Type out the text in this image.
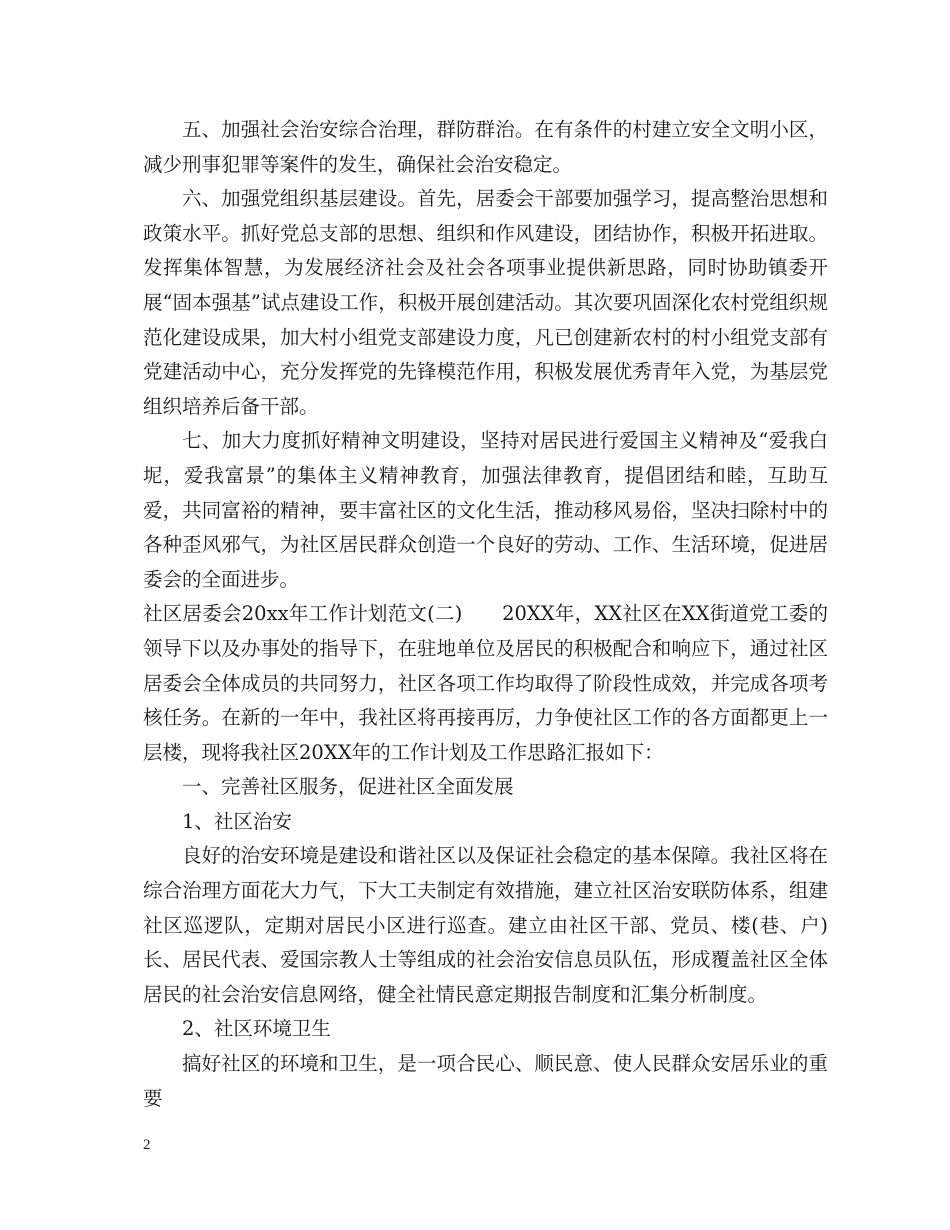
五、加强社会治安综合治理，群防群治。在有条件的村建立安全文明小区，减少刑事犯罪等案件的发生，确保社会治安稳定。

六、加强党组织基层建设。首先，居委会干部要加强学习，提高整治思想和政策水平。抓好党总支部的思想、组织和作风建设，团结协作，积极开拓进取。发挥集体智慧，为发展经济社会及社会各项事业提供新思路，同时协助镇委开展“固本强基”试点建设工作，积极开展创建活动。其次要巩固深化农村党组织规范化建设成果，加大村小组党支部建设力度，凡已创建新农村的村小组党支部有党建活动中心，充分发挥党的先锋模范作用，积极发展优秀青年入党，为基层党组织培养后备干部。

七、加大力度抓好精神文明建设，坚持对居民进行爱国主义精神及“爱我白坭，爱我富景”的集体主义精神教育，加强法律教育，提倡团结和睦，互助互爱，共同富裕的精神，要丰富社区的文化生活，推动移风易俗，坚决扫除村中的各种歪风邪气，为社区居民群众创造一个良好的劳动、工作、生活环境，促进居委会的全面进步。

社区居委会20xx年工作计划范文(二)　　20XX年，XX社区在XX街道党工委的领导下以及办事处的指导下，在驻地单位及居民的积极配合和响应下，通过社区居委会全体成员的共同努力，社区各项工作均取得了阶段性成效，并完成各项考核任务。在新的一年中，我社区将再接再厉，力争使社区工作的各方面都更上一层楼，现将我社区20XX年的工作计划及工作思路汇报如下：

一、完善社区服务，促进社区全面发展

1、社区治安

良好的治安环境是建设和谐社区以及保证社会稳定的基本保障。我社区将在综合治理方面花大力气，下大工夫制定有效措施，建立社区治安联防体系，组建社区巡逻队，定期对居民小区进行巡查。建立由社区干部、党员、楼(巷、户)长、居民代表、爱国宗教人士等组成的社会治安信息员队伍，形成覆盖社区全体居民的社会治安信息网络，健全社情民意定期报告制度和汇集分析制度。

2、社区环境卫生

搞好社区的环境和卫生，是一项合民心、顺民意、使人民群众安居乐业的重要

2
